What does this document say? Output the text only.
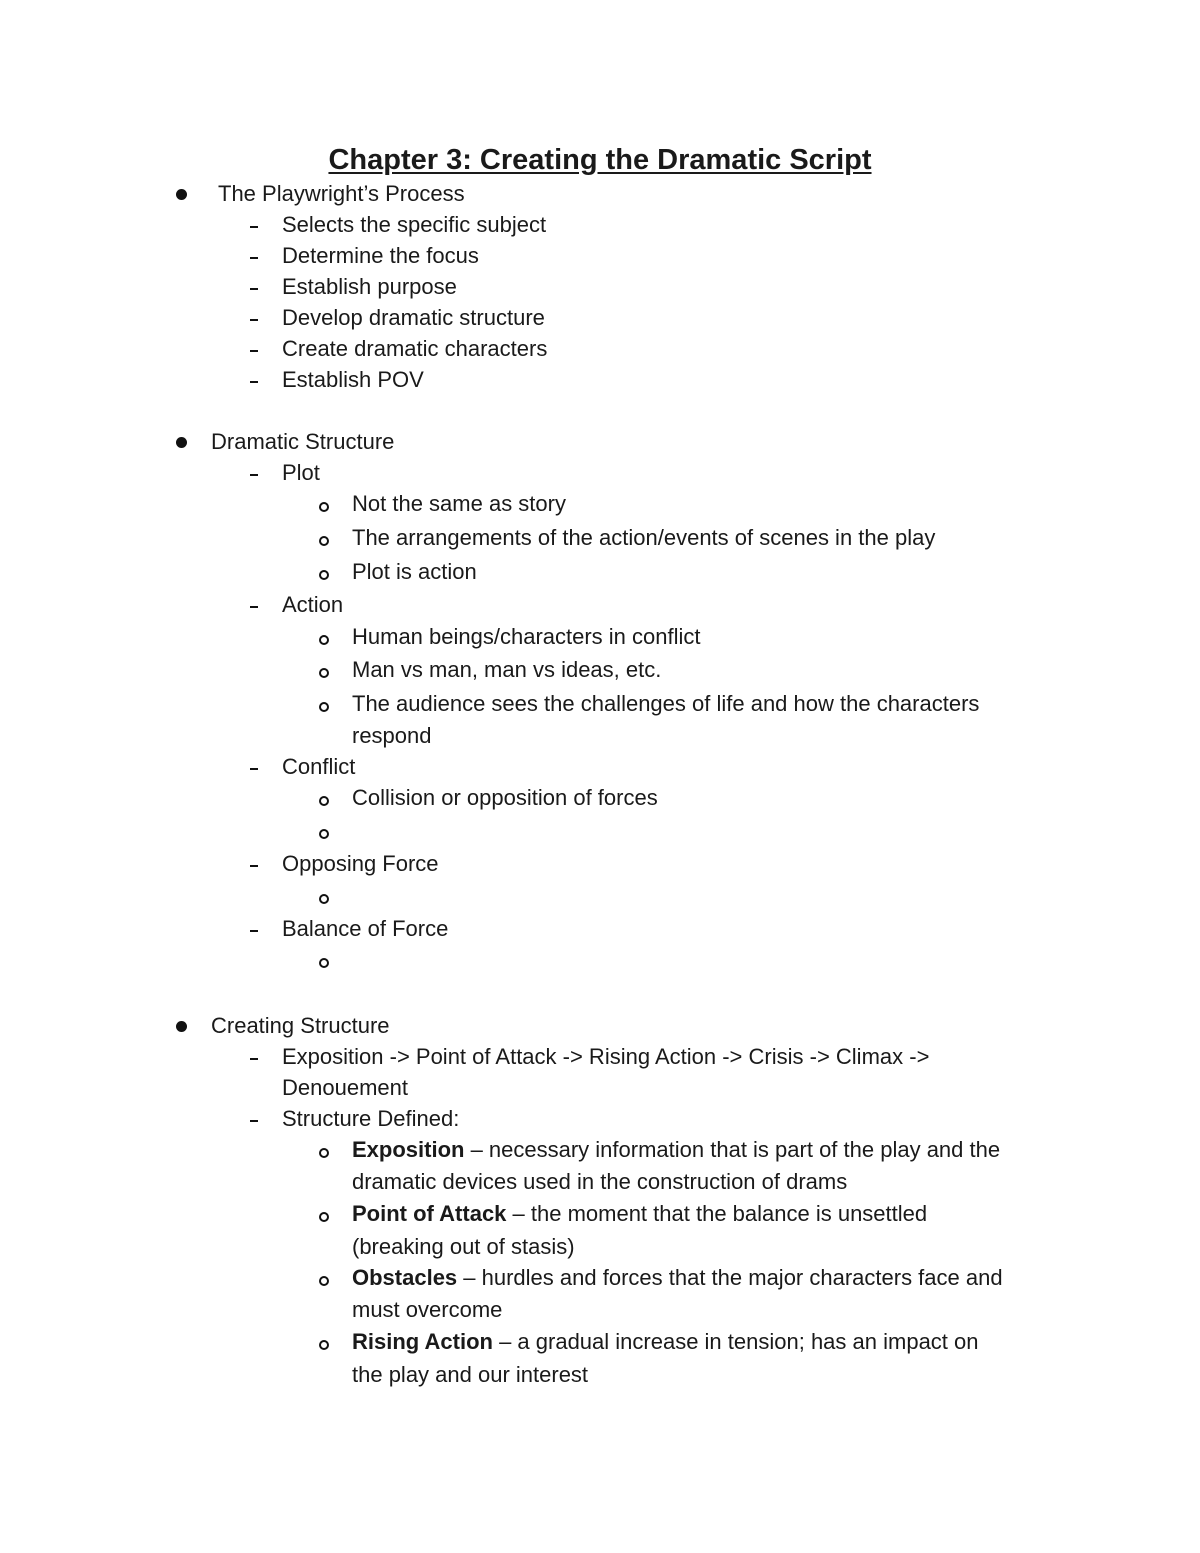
Chapter 3: Creating the Dramatic Script
The Playwright’s Process
Selects the specific subject
Determine the focus
Establish purpose
Develop dramatic structure
Create dramatic characters
Establish POV
Dramatic Structure
Plot
Not the same as story
The arrangements of the action/events of scenes in the play
Plot is action
Action
Human beings/characters in conflict
Man vs man, man vs ideas, etc.
The audience sees the challenges of life and how the characters
respond
Conflict
Collision or opposition of forces
Opposing Force
Balance of Force
Creating Structure
Exposition -> Point of Attack -> Rising Action -> Crisis -> Climax ->
Denouement
Structure Defined:
Exposition – necessary information that is part of the play and the
dramatic devices used in the construction of drams
Point of Attack – the moment that the balance is unsettled
(breaking out of stasis)
Obstacles – hurdles and forces that the major characters face and
must overcome
Rising Action – a gradual increase in tension; has an impact on
the play and our interest
